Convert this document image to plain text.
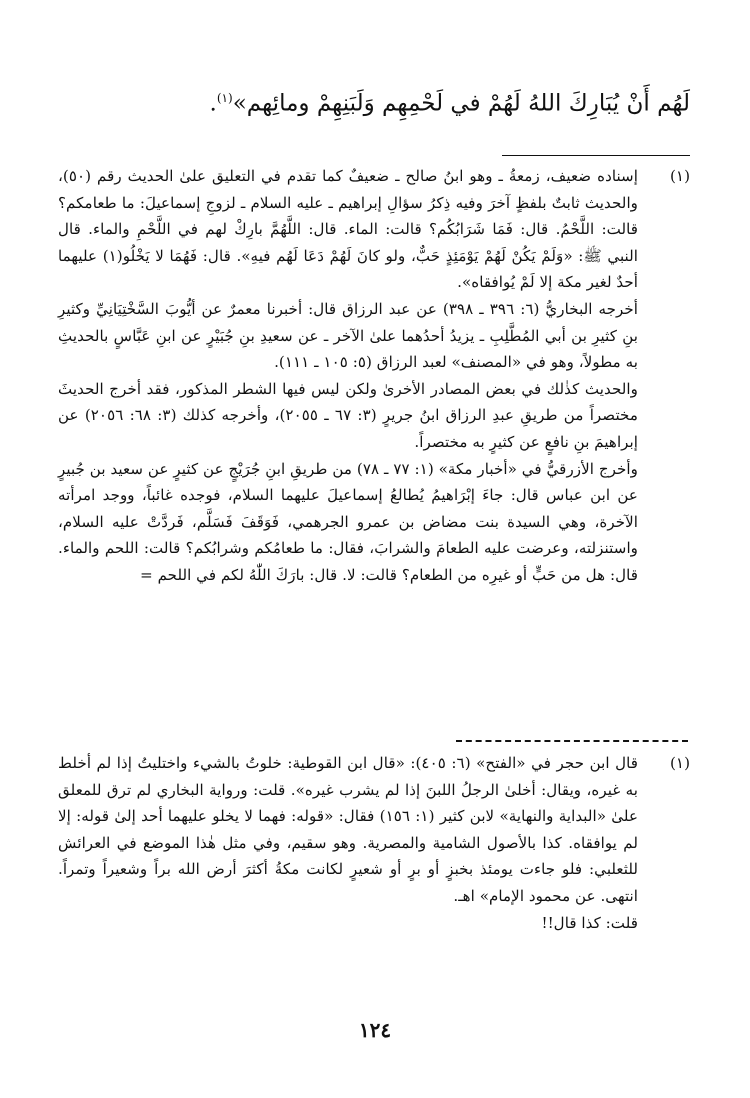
لَهُم أَنْ يُبَارِكَ اللهُ لَهُمْ في لَحْمِهِم وَلَبَنِهِمْ ومائِهم»$^{(١)}$.
(١)

إسناده ضعيف، زمعةُ ـ وهو ابنُ صالح ـ ضعيفٌ كما تقدم في التعليق علىٰ الحديث رقم (٥٠)، والحديث ثابتٌ بلفظٍ آخرَ وفيه ذِكرُ سؤالِ إبراهيم ـ عليه السلام ـ لزوجِ إسماعيلَ: ما طعامكم؟ قالت: اللَّحْمُ. قال: فَمَا شَرَابُكُم؟ قالت: الماء. قال: اللَّهُمَّ بارِكْ لهم في اللَّحْمِ والماء. قال النبي ﷺ: «وَلَمْ يَكُنْ لَهُمْ يَوْمَئِذٍ حَبٌّ، ولو كانَ لَهُمْ دَعَا لَهُم فيهِ». قال: فَهُمَا لا يَخْلُو(١) عليهما أحدٌ لغير مكة إلا لَمْ يُوافقاه».

أخرجه البخاريُّ (٦: ٣٩٦ ـ ٣٩٨) عن عبد الرزاق قال: أخبرنا معمرٌ عن أيُّوبَ السَّخْتِيَانِيِّ وكثيرِ بنِ كثيرِ بن أبي المُطَّلِبِ ـ يزيدُ أحدُهما علىٰ الآخر ـ عن سعيدِ بنِ جُبَيْرٍ عن ابنِ عَبَّاسٍ بالحديثِ به مطولاً، وهو في «المصنف» لعبد الرزاق (٥: ١٠٥ ـ ١١١).

والحديث كذٰلك في بعض المصادر الأخرىٰ ولكن ليس فيها الشطر المذكور، فقد أخرج الحديثَ مختصراً من طريقِ عبدِ الرزاق ابنُ جريرٍ (٣: ٦٧ ـ ٢٠٥٥)، وأخرجه كذلك (٣: ٦٨: ٢٠٥٦) عن إبراهيمَ بنِ نافعٍ عن كثيرٍ به مختصراً.

وأخرج الأزرقيُّ في «أخبار مكة» (١: ٧٧ ـ ٧٨) من طريقِ ابنِ جُرَيْجٍ عن كثيرٍ عن سعيد بن جُبيرٍ عن ابن عباس قال: جاءَ إبْرَاهيمُ يُطالعُ إسماعيلَ عليهما السلام، فوجده غائباً، ووجد امرأته الآخرة، وهي السيدة بنت مضاض بن عمرو الجرهمي، فَوَقَفَ فَسَلَّم، فَردَّتْ عليه السلام، واستنزلته، وعرضت عليه الطعامَ والشرابَ، فقال: ما طعامُكم وشرابُكم؟ قالت: اللحم والماء. قال: هل من حَبٍّ أو غيرِه من الطعام؟ قالت: لا. قال: بارَكَ اللّٰهُ لكم في اللحم =

(١)

قال ابن حجر في «الفتح» (٦: ٤٠٥): «قال ابن القوطية: خلوتُ بالشيء واختليتُ إذا لم أخلط به غيره، ويقال: أخلىٰ الرجلُ اللبنَ إذا لم يشرب غيره». قلت: ورواية البخاري لم ترق للمعلق علىٰ «البداية والنهاية» لابن كثير (١: ١٥٦) فقال: «قوله: فهما لا يخلو عليهما أحد إلىٰ قوله: إلا لم يوافقاه. كذا بالأصول الشامية والمصرية. وهو سقيم، وفي مثل هٰذا الموضع في العرائش للثعلبي: فلو جاءت يومئذ بخبزٍ أو برٍ أو شعيرٍ لكانت مكةُ أكثرَ أرض الله براً وشعيراً وتمراً. انتهى. عن محمود الإمام» اهـ.

قلت: كذا قال!!

١٢٤
